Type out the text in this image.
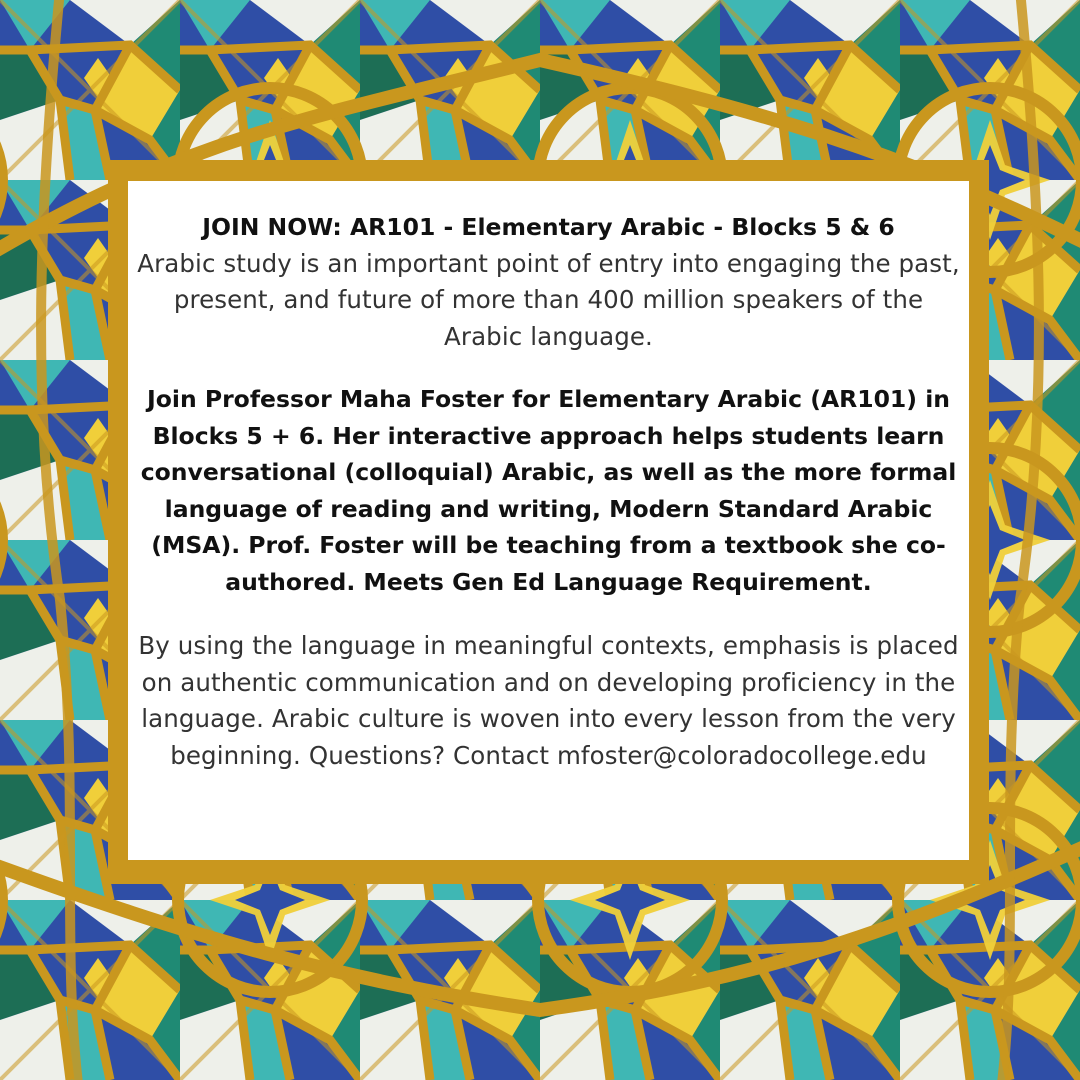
JOIN NOW: AR101 - Elementary Arabic - Blocks 5 & 6

Arabic study is an important point of entry into engaging the past, present, and future of more than 400 million speakers of the Arabic language.

Join Professor Maha Foster for Elementary Arabic (AR101) in Blocks 5 + 6. Her interactive approach helps students learn conversational (colloquial) Arabic, as well as the more formal language of reading and writing, Modern Standard Arabic (MSA). Prof. Foster will be teaching from a textbook she co-authored. Meets Gen Ed Language Requirement.

By using the language in meaningful contexts, emphasis is placed on authentic communication and on developing proficiency in the language. Arabic culture is woven into every lesson from the very beginning. Questions? Contact mfoster@coloradocollege.edu
